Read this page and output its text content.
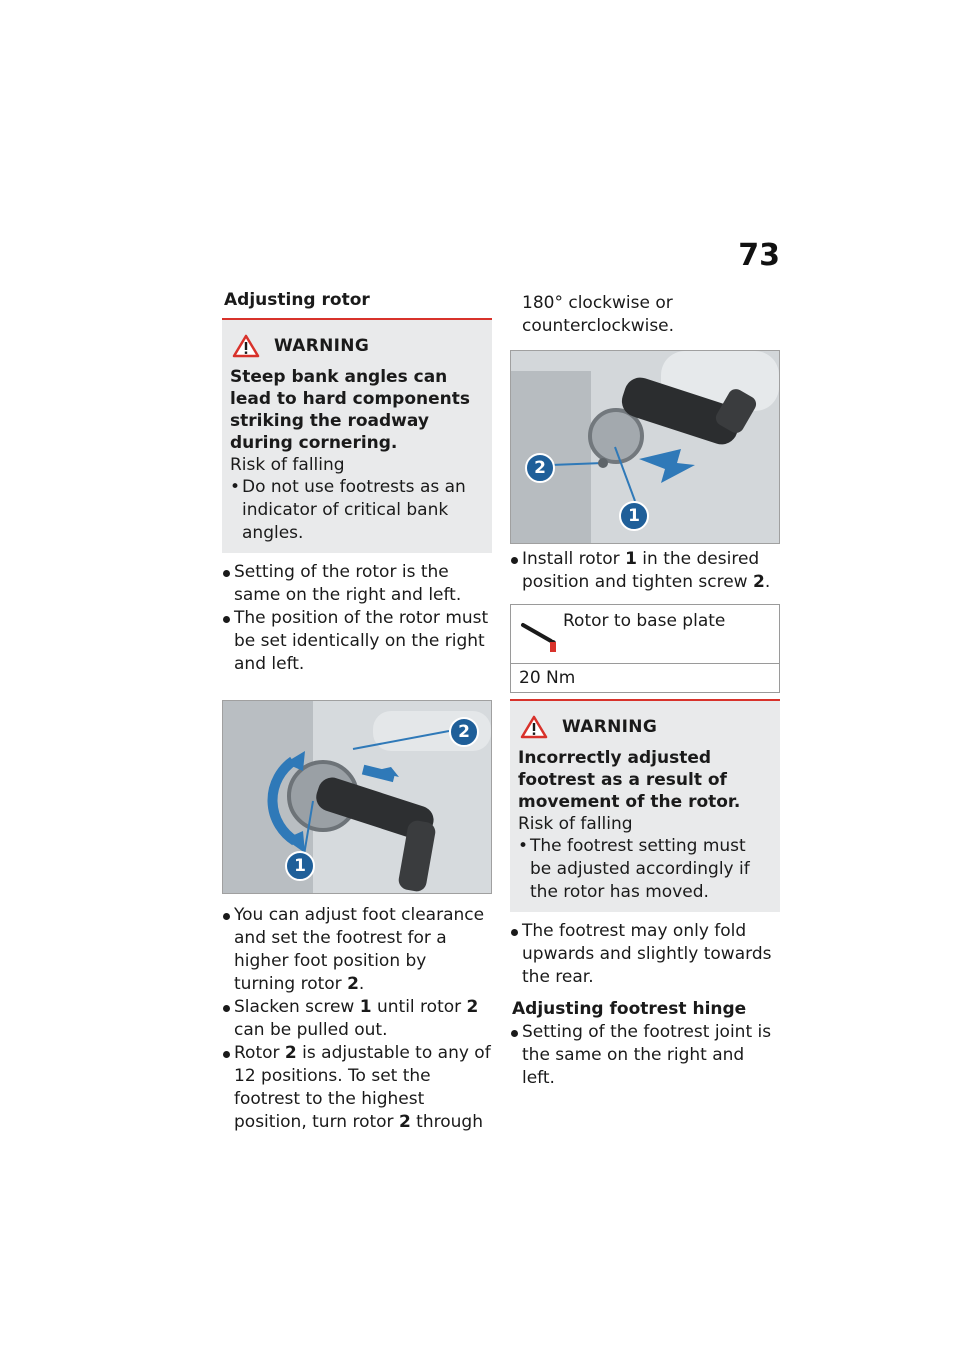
73
Adjusting rotor
WARNING
Steep bank angles can lead to hard components striking the roadway during cornering.
Risk of falling
• Do not use footrests as an indicator of critical bank angles.

Setting of the rotor is the same on the right and left.

The position of the rotor must be set identically on the right and left.

1
2

You can adjust foot clearance and set the footrest for a higher foot position by turning rotor 2.

Slacken screw 1 until rotor 2 can be pulled out.

Rotor 2 is adjustable to any of 12 positions. To set the footrest to the highest position, turn rotor 2 through

180° clockwise or counterclockwise.

2
1

Install rotor 1 in the desired position and tighten screw 2.

Rotor to base plate
20 Nm
WARNING
Incorrectly adjusted footrest as a result of movement of the rotor.
Risk of falling
• The footrest setting must be adjusted accordingly if the rotor has moved.

The footrest may only fold upwards and slightly towards the rear.

Adjusting footrest hinge

Setting of the footrest joint is the same on the right and left.
